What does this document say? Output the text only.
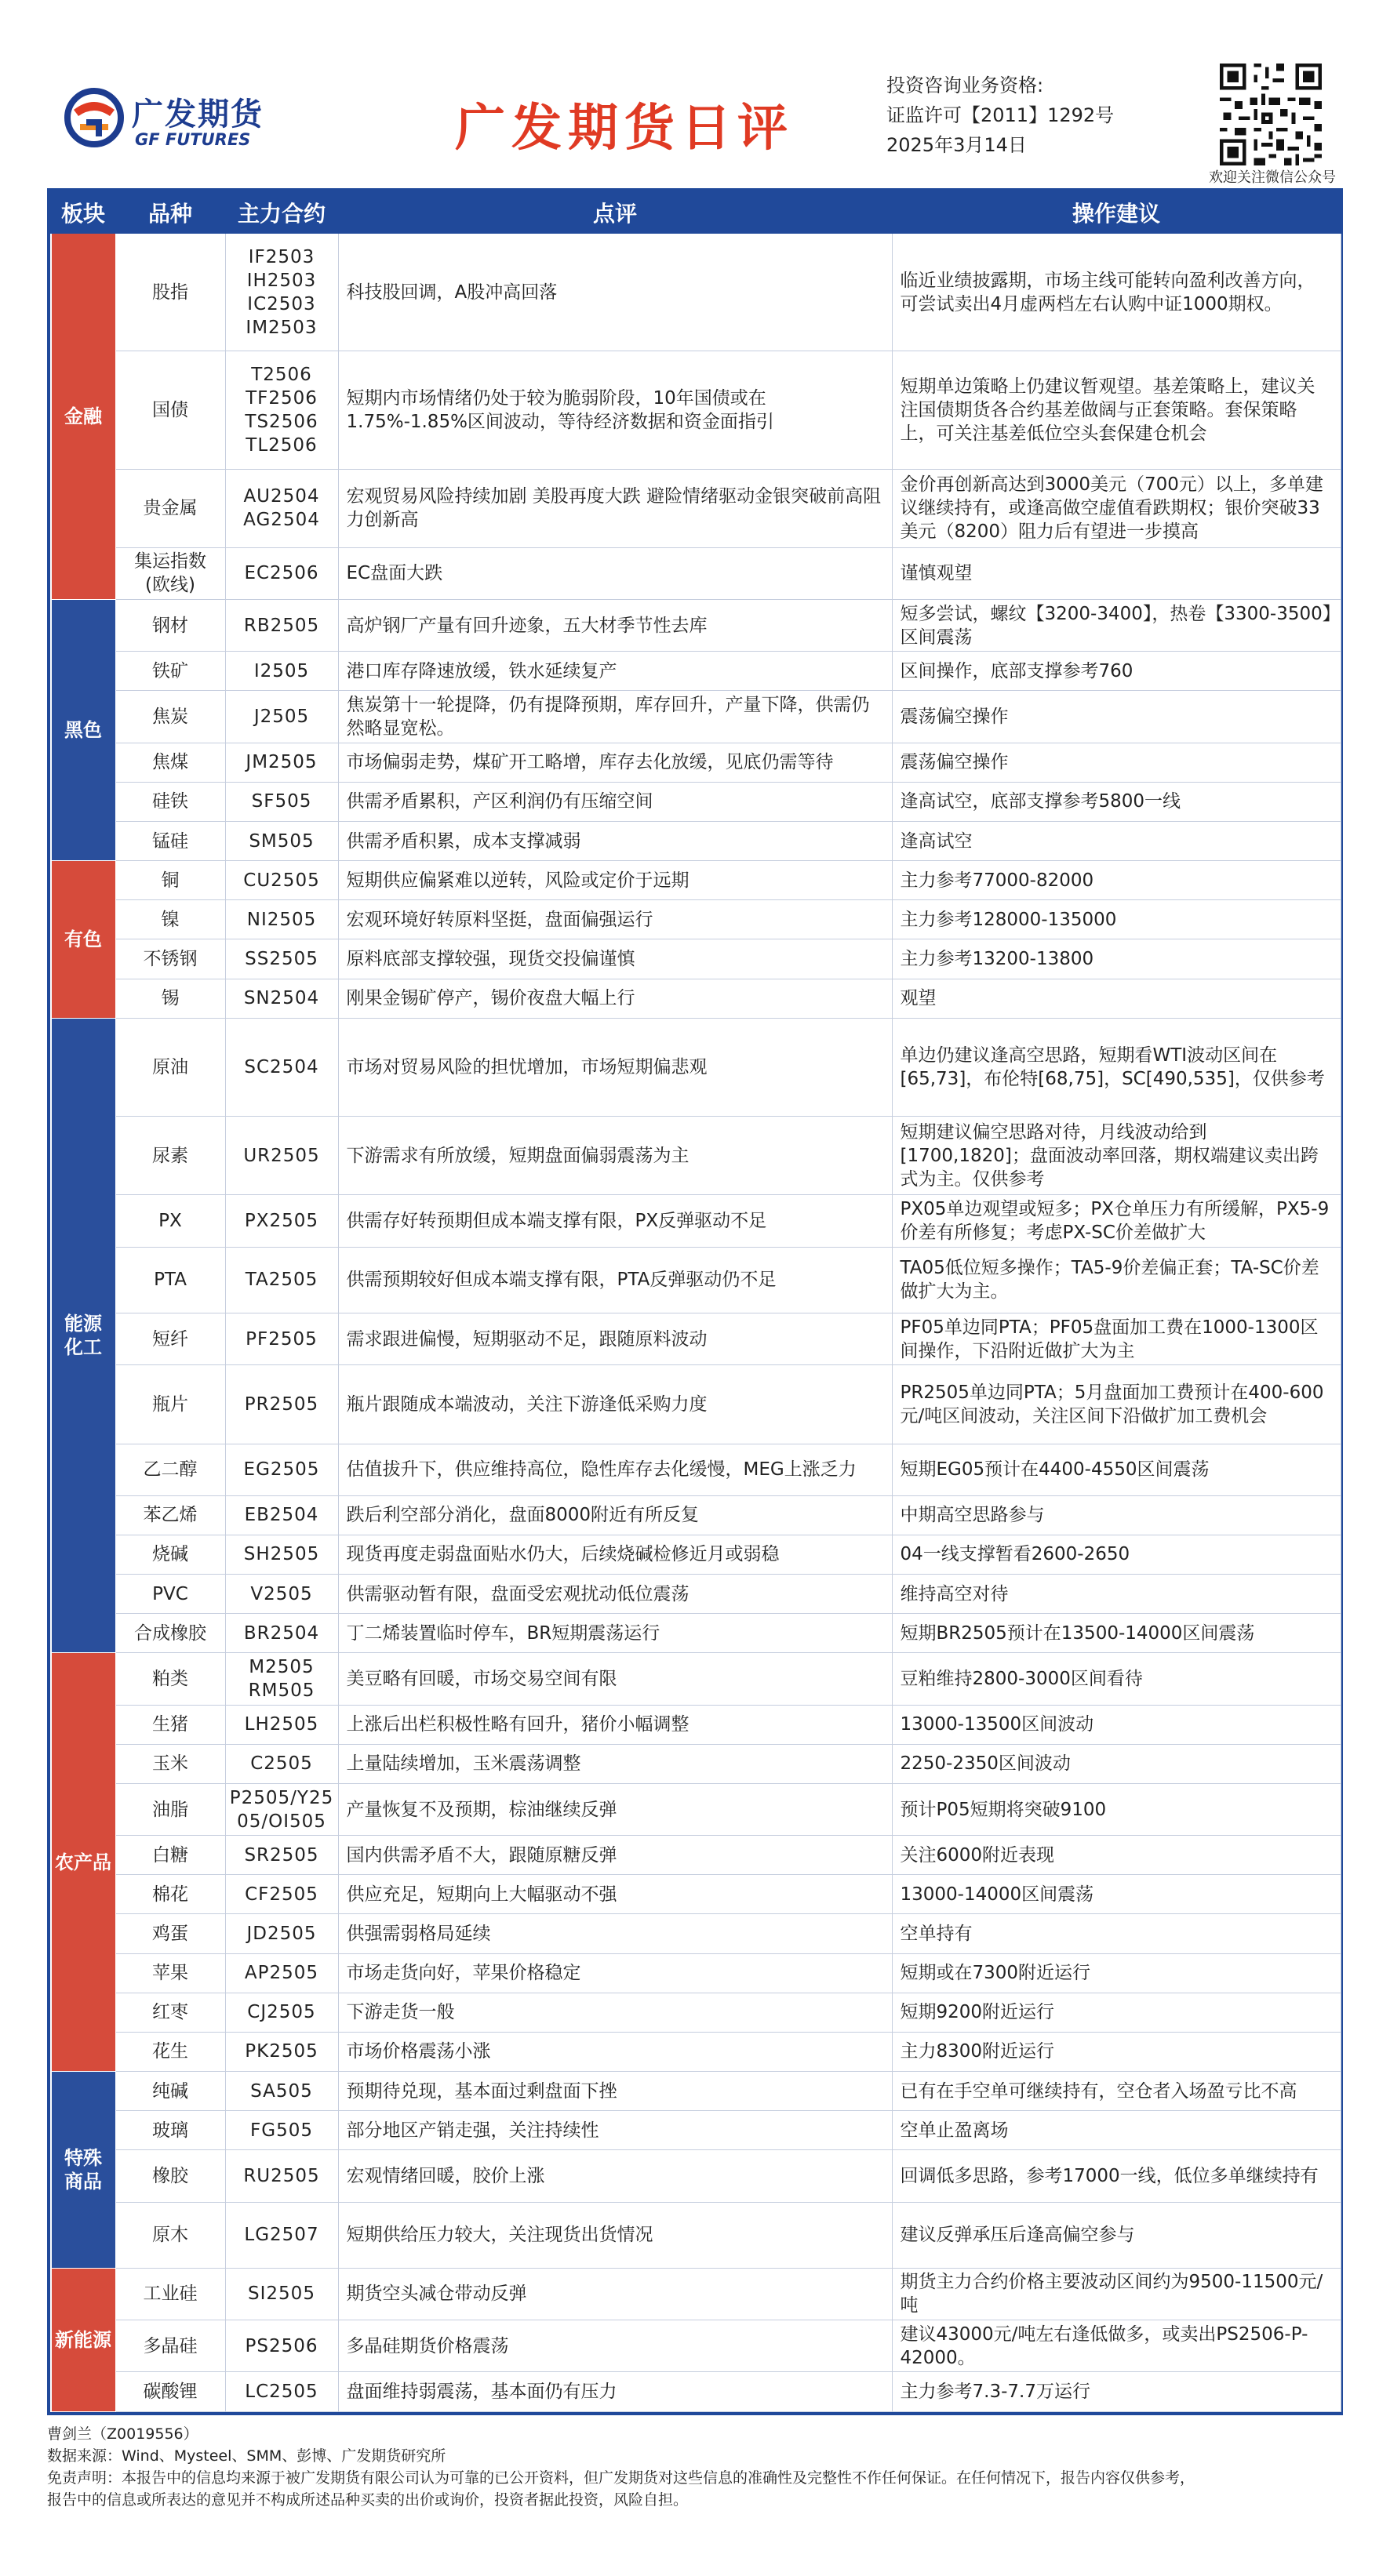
广发期货
GF FUTURES	广发期货日评
投资咨询业务资格:
证监许可【2011】1292号
2025年3月14日
欢迎关注微信公众号
板块	品种	主力合约	点评	操作建议
金融	股指	IF2503
IH2503
IC2503
IM2503	科技股回调，A股冲高回落	临近业绩披露期，市场主线可能转向盈利改善方向，可尝试卖出4月虚两档左右认购中证1000期权。
	国债	T2506
TF2506
TS2506
TL2506	短期内市场情绪仍处于较为脆弱阶段，10年国债或在1.75%-1.85%区间波动，等待经济数据和资金面指引	短期单边策略上仍建议暂观望。基差策略上，建议关注国债期货各合约基差做阔与正套策略。套保策略上，可关注基差低位空头套保建仓机会
	贵金属	AU2504
AG2504	宏观贸易风险持续加剧 美股再度大跌 避险情绪驱动金银突破前高阻力创新高	金价再创新高达到3000美元（700元）以上，多单建议继续持有，或逢高做空虚值看跌期权；银价突破33美元（8200）阻力后有望进一步摸高
	集运指数
(欧线)	EC2506	EC盘面大跌	谨慎观望
黑色	钢材	RB2505	高炉钢厂产量有回升迹象，五大材季节性去库	短多尝试，螺纹【3200-3400】，热卷【3300-3500】区间震荡
	铁矿	I2505	港口库存降速放缓，铁水延续复产	区间操作，底部支撑参考760
	焦炭	J2505	焦炭第十一轮提降，仍有提降预期，库存回升，产量下降，供需仍然略显宽松。	震荡偏空操作
	焦煤	JM2505	市场偏弱走势，煤矿开工略增，库存去化放缓，见底仍需等待	震荡偏空操作
	硅铁	SF505	供需矛盾累积，产区利润仍有压缩空间	逢高试空，底部支撑参考5800一线
	锰硅	SM505	供需矛盾积累，成本支撑减弱	逢高试空
有色	铜	CU2505	短期供应偏紧难以逆转，风险或定价于远期	主力参考77000-82000
	镍	NI2505	宏观环境好转原料坚挺，盘面偏强运行	主力参考128000-135000
	不锈钢	SS2505	原料底部支撑较强，现货交投偏谨慎	主力参考13200-13800
	锡	SN2504	刚果金锡矿停产，锡价夜盘大幅上行	观望
能源
化工	原油	SC2504	市场对贸易风险的担忧增加，市场短期偏悲观	单边仍建议逢高空思路，短期看WTI波动区间在[65,73]，布伦特[68,75]，SC[490,535]，仅供参考
	尿素	UR2505	下游需求有所放缓，短期盘面偏弱震荡为主	短期建议偏空思路对待，月线波动给到[1700,1820]；盘面波动率回落，期权端建议卖出跨式为主。仅供参考
	PX	PX2505	供需存好转预期但成本端支撑有限，PX反弹驱动不足	PX05单边观望或短多；PX仓单压力有所缓解，PX5-9价差有所修复；考虑PX-SC价差做扩大
	PTA	TA2505	供需预期较好但成本端支撑有限，PTA反弹驱动仍不足	TA05低位短多操作；TA5-9价差偏正套；TA-SC价差做扩大为主。
	短纤	PF2505	需求跟进偏慢，短期驱动不足，跟随原料波动	PF05单边同PTA；PF05盘面加工费在1000-1300区间操作，下沿附近做扩大为主
	瓶片	PR2505	瓶片跟随成本端波动，关注下游逢低采购力度	PR2505单边同PTA；5月盘面加工费预计在400-600元/吨区间波动，关注区间下沿做扩加工费机会
	乙二醇	EG2505	估值拔升下，供应维持高位，隐性库存去化缓慢，MEG上涨乏力	短期EG05预计在4400-4550区间震荡
	苯乙烯	EB2504	跌后利空部分消化，盘面8000附近有所反复	中期高空思路参与
	烧碱	SH2505	现货再度走弱盘面贴水仍大，后续烧碱检修近月或弱稳	04一线支撑暂看2600-2650
	PVC	V2505	供需驱动暂有限，盘面受宏观扰动低位震荡	维持高空对待
	合成橡胶	BR2504	丁二烯装置临时停车，BR短期震荡运行	短期BR2505预计在13500-14000区间震荡
农产品	粕类	M2505
RM505	美豆略有回暖，市场交易空间有限	豆粕维持2800-3000区间看待
	生猪	LH2505	上涨后出栏积极性略有回升，猪价小幅调整	13000-13500区间波动
	玉米	C2505	上量陆续增加，玉米震荡调整	2250-2350区间波动
	油脂	P2505/Y25
05/OI505	产量恢复不及预期，棕油继续反弹	预计P05短期将突破9100
	白糖	SR2505	国内供需矛盾不大，跟随原糖反弹	关注6000附近表现
	棉花	CF2505	供应充足，短期向上大幅驱动不强	13000-14000区间震荡
	鸡蛋	JD2505	供强需弱格局延续	空单持有
	苹果	AP2505	市场走货向好，苹果价格稳定	短期或在7300附近运行
	红枣	CJ2505	下游走货一般	短期9200附近运行
	花生	PK2505	市场价格震荡小涨	主力8300附近运行
特殊
商品	纯碱	SA505	预期待兑现，基本面过剩盘面下挫	已有在手空单可继续持有，空仓者入场盈亏比不高
	玻璃	FG505	部分地区产销走强，关注持续性	空单止盈离场
	橡胶	RU2505	宏观情绪回暖，胶价上涨	回调低多思路，参考17000一线，低位多单继续持有
	原木	LG2507	短期供给压力较大，关注现货出货情况	建议反弹承压后逢高偏空参与
新能源	工业硅	SI2505	期货空头减仓带动反弹	期货主力合约价格主要波动区间约为9500-11500元/吨
	多晶硅	PS2506	多晶硅期货价格震荡	建议43000元/吨左右逢低做多，或卖出PS2506-P-42000。
	碳酸锂	LC2505	盘面维持弱震荡，基本面仍有压力	主力参考7.3-7.7万运行
曹剑兰（Z0019556）
数据来源：Wind、Mysteel、SMM、彭博、广发期货研究所
免责声明：本报告中的信息均来源于被广发期货有限公司认为可靠的已公开资料，但广发期货对这些信息的准确性及完整性不作任何保证。在任何情况下，报告内容仅供参考，
报告中的信息或所表达的意见并不构成所述品种买卖的出价或询价，投资者据此投资，风险自担。
